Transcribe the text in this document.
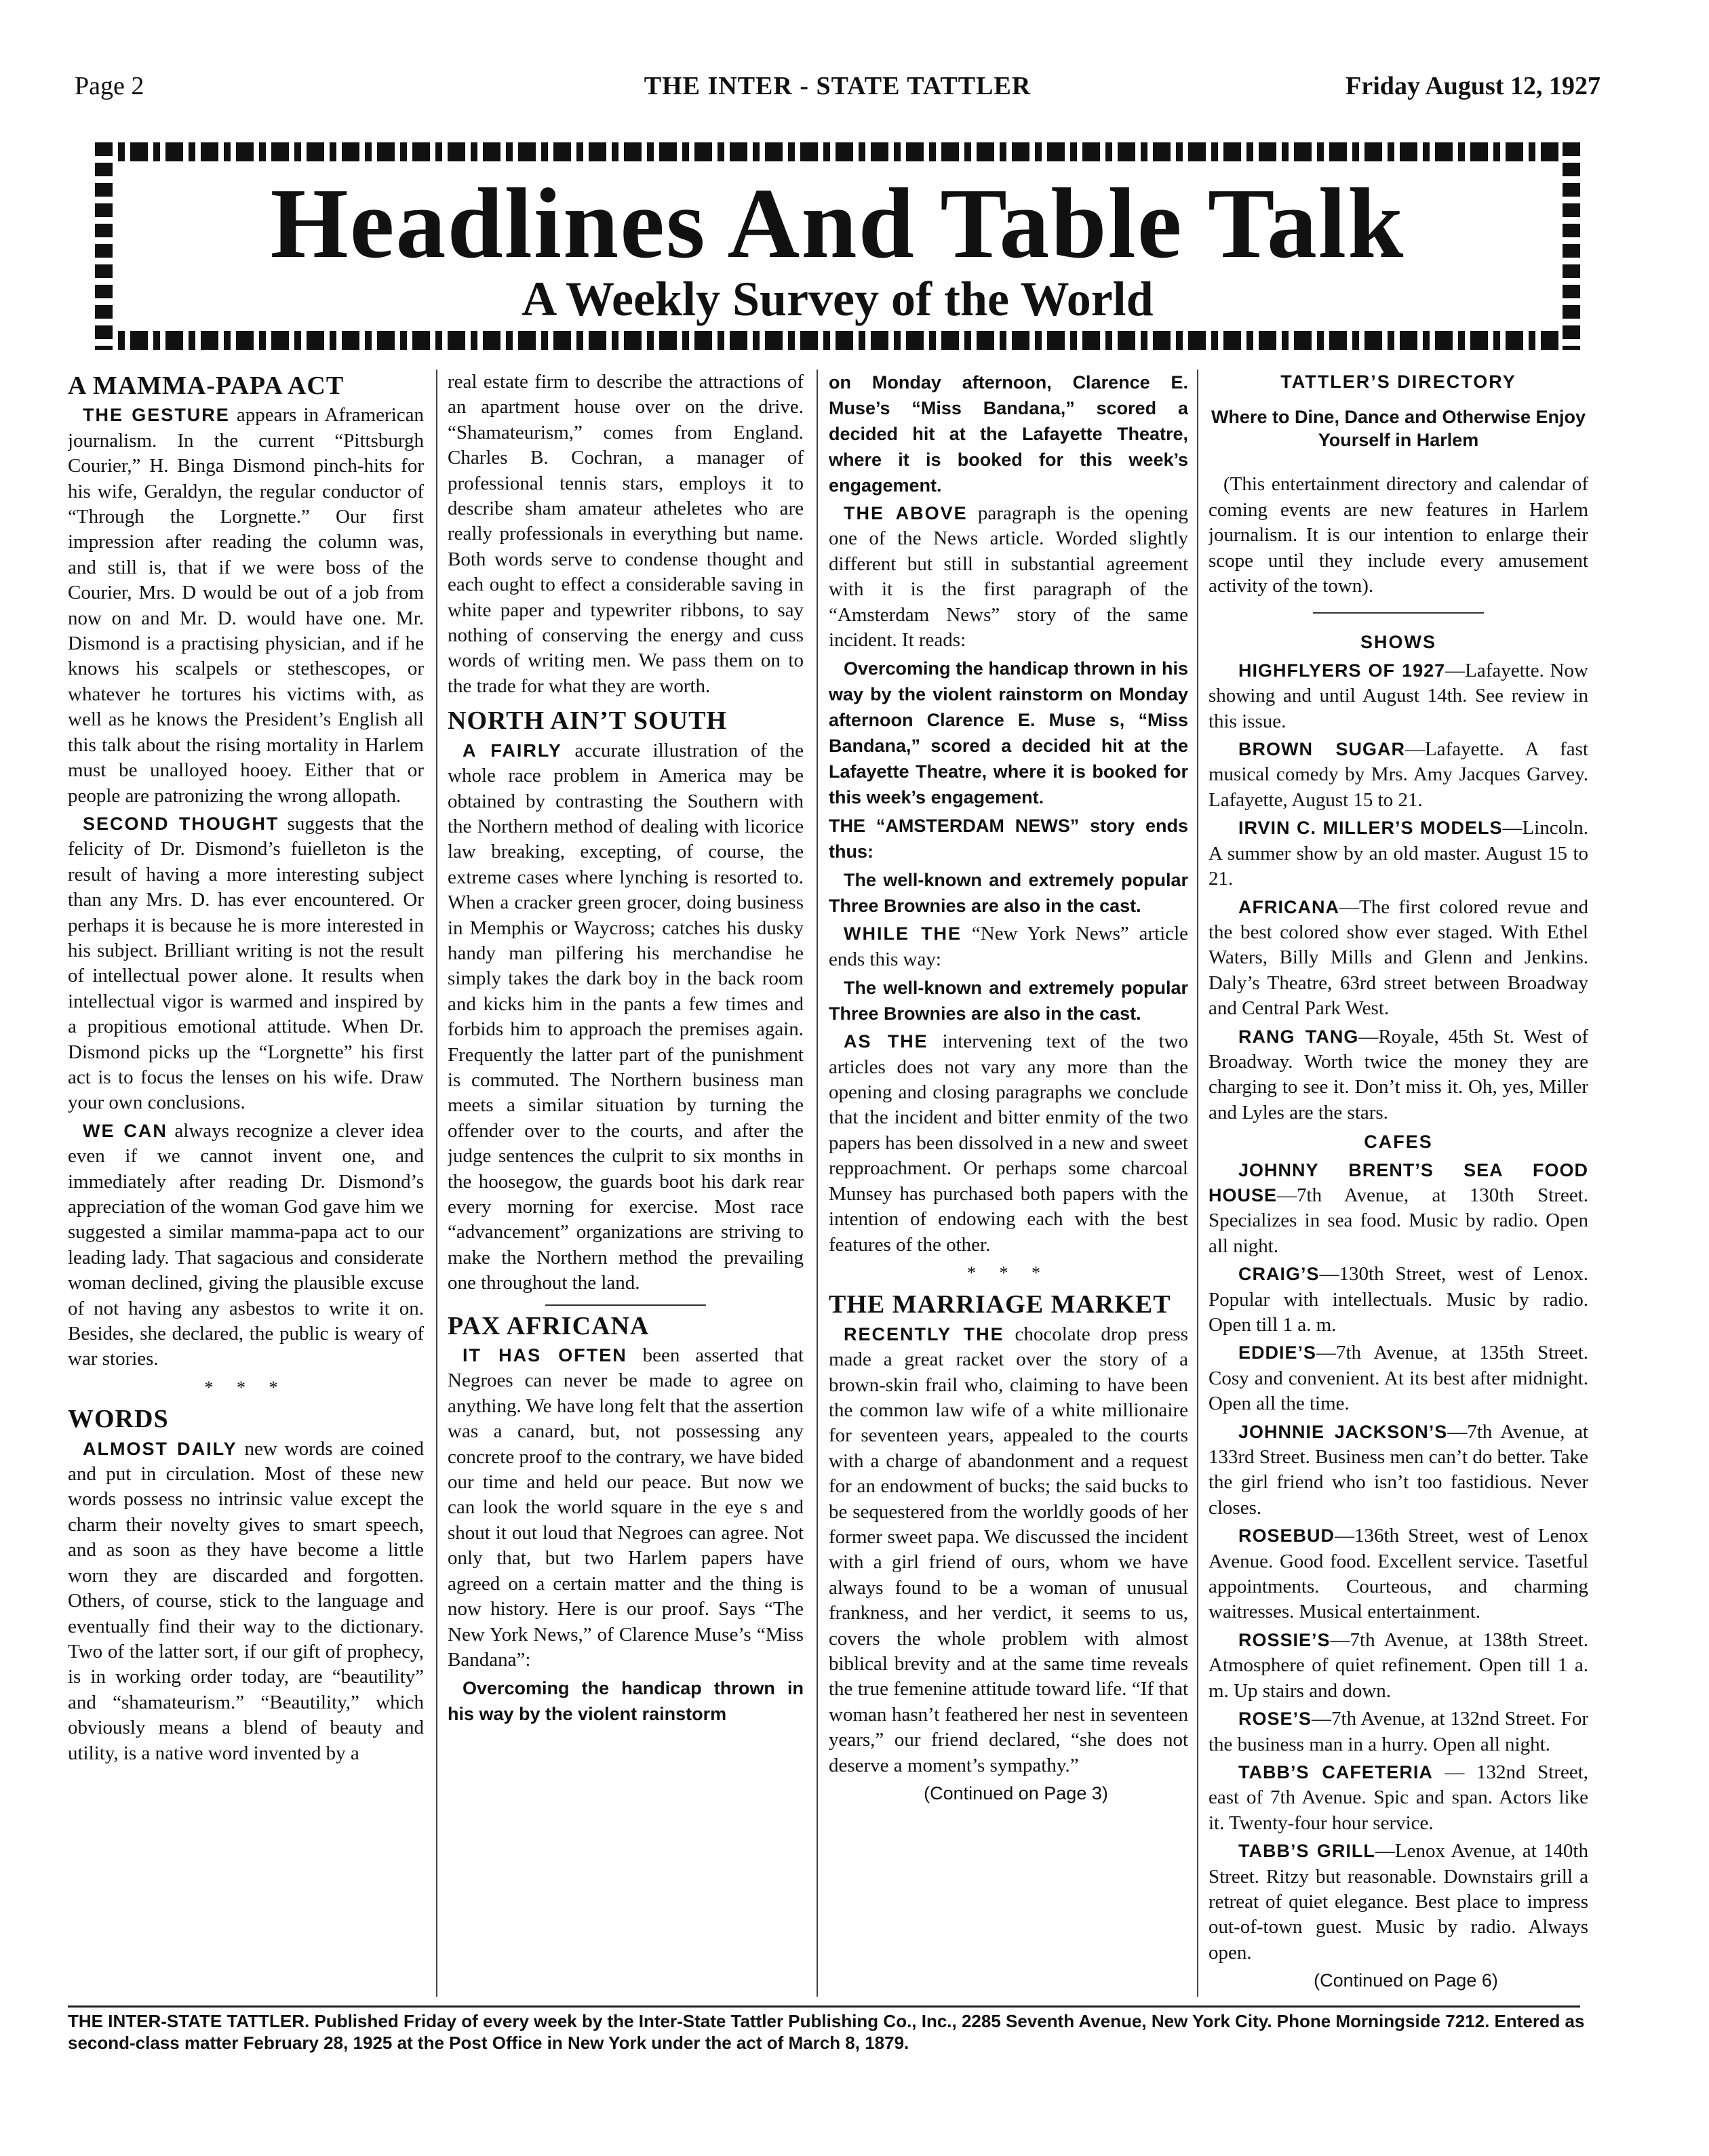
Page 2	THE INTER - STATE TATTLER	Friday August 12, 1927
Headlines And Table Talk
A Weekly Survey of the World
A MAMMA-PAPA ACT

THE GESTURE appears in Aframerican journalism. In the current “Pittsburgh Courier,” H. Binga Dismond pinch-hits for his wife, Geraldyn, the regular conductor of “Through the Lorgnette.” Our first impression after reading the column was, and still is, that if we were boss of the Courier, Mrs. D would be out of a job from now on and Mr. D. would have one. Mr. Dismond is a practising physician, and if he knows his scalpels or stethescopes, or whatever he tortures his victims with, as well as he knows the President’s English all this talk about the rising mortality in Harlem must be unalloyed hooey. Either that or people are patronizing the wrong allopath.

SECOND THOUGHT suggests that the felicity of Dr. Dismond’s fuielleton is the result of having a more interesting subject than any Mrs. D. has ever encountered. Or perhaps it is because he is more interested in his subject. Brilliant writing is not the result of intellectual power alone. It results when intellectual vigor is warmed and inspired by a propitious emotional attitude. When Dr. Dismond picks up the “Lorgnette” his first act is to focus the lenses on his wife. Draw your own conclusions.

WE CAN always recognize a clever idea even if we cannot invent one, and immediately after reading Dr. Dismond’s appreciation of the woman God gave him we suggested a similar mamma-papa act to our leading lady. That sagacious and considerate woman declined, giving the plausible excuse of not having any asbestos to write it on. Besides, she declared, the public is weary of war stories.

* * *
WORDS

ALMOST DAILY new words are coined and put in circulation. Most of these new words possess no intrinsic value except the charm their novelty gives to smart speech, and as soon as they have become a little worn they are discarded and forgotten. Others, of course, stick to the language and eventually find their way to the dictionary. Two of the latter sort, if our gift of prophecy, is in working order today, are “beautility” and “shamateurism.” “Beautility,” which obviously means a blend of beauty and utility, is a native word invented by a

real estate firm to describe the attractions of an apartment house over on the drive. “Shamateurism,” comes from England. Charles B. Cochran, a manager of professional tennis stars, employs it to describe sham amateur atheletes who are really professionals in everything but name. Both words serve to condense thought and each ought to effect a considerable saving in white paper and typewriter ribbons, to say nothing of conserving the energy and cuss words of writing men. We pass them on to the trade for what they are worth.

NORTH AIN’T SOUTH

A FAIRLY accurate illustration of the whole race problem in America may be obtained by contrasting the Southern with the Northern method of dealing with licorice law breaking, excepting, of course, the extreme cases where lynching is resorted to. When a cracker green grocer, doing business in Memphis or Waycross; catches his dusky handy man pilfering his merchandise he simply takes the dark boy in the back room and kicks him in the pants a few times and forbids him to approach the premises again. Frequently the latter part of the punishment is commuted. The Northern business man meets a similar situation by turning the offender over to the courts, and after the judge sentences the culprit to six months in the hoosegow, the guards boot his dark rear every morning for exercise. Most race “advancement” organizations are striving to make the Northern method the prevailing one throughout the land.

PAX AFRICANA

IT HAS OFTEN been asserted that Negroes can never be made to agree on anything. We have long felt that the assertion was a canard, but, not possessing any concrete proof to the contrary, we have bided our time and held our peace. But now we can look the world square in the eye s and shout it out loud that Negroes can agree. Not only that, but two Harlem papers have agreed on a certain matter and the thing is now history. Here is our proof. Says “The New York News,” of Clarence Muse’s “Miss Bandana”:

Overcoming the handicap thrown in his way by the violent rainstorm

on Monday afternoon, Clarence E. Muse’s “Miss Bandana,” scored a decided hit at the Lafayette Theatre, where it is booked for this week’s engagement.

THE ABOVE paragraph is the opening one of the News article. Worded slightly different but still in substantial agreement with it is the first paragraph of the “Amsterdam News” story of the same incident. It reads:

Overcoming the handicap thrown in his way by the violent rainstorm on Monday afternoon Clarence E. Muse s, “Miss Bandana,” scored a decided hit at the Lafayette Theatre, where it is booked for this week’s engagement.

THE “AMSTERDAM NEWS” story ends thus:

The well-known and extremely popular Three Brownies are also in the cast.

WHILE THE “New York News” article ends this way:

The well-known and extremely popular Three Brownies are also in the cast.

AS THE intervening text of the two articles does not vary any more than the opening and closing paragraphs we conclude that the incident and bitter enmity of the two papers has been dissolved in a new and sweet repproachment. Or perhaps some charcoal Munsey has purchased both papers with the intention of endowing each with the best features of the other.

* * *
THE MARRIAGE MARKET

RECENTLY THE chocolate drop press made a great racket over the story of a brown-skin frail who, claiming to have been the common law wife of a white millionaire for seventeen years, appealed to the courts with a charge of abandonment and a request for an endowment of bucks; the said bucks to be sequestered from the worldly goods of her former sweet papa. We discussed the incident with a girl friend of ours, whom we have always found to be a woman of unusual frankness, and her verdict, it seems to us, covers the whole problem with almost biblical brevity and at the same time reveals the true femenine attitude toward life. “If that woman hasn’t feathered her nest in seventeen years,” our friend declared, “she does not deserve a moment’s sympathy.”

(Continued on Page 3)

TATTLER’S DIRECTORY
Where to Dine, Dance and Otherwise Enjoy Yourself in Harlem

(This entertainment directory and calendar of coming events are new features in Harlem journalism. It is our intention to enlarge their scope until they include every amusement activity of the town).

SHOWS

HIGHFLYERS OF 1927—Lafayette. Now showing and until August 14th. See review in this issue.

BROWN SUGAR—Lafayette. A fast musical comedy by Mrs. Amy Jacques Garvey. Lafayette, August 15 to 21.

IRVIN C. MILLER’S MODELS—Lincoln. A summer show by an old master. August 15 to 21.

AFRICANA—The first colored revue and the best colored show ever staged. With Ethel Waters, Billy Mills and Glenn and Jenkins. Daly’s Theatre, 63rd street between Broadway and Central Park West.

RANG TANG—Royale, 45th St. West of Broadway. Worth twice the money they are charging to see it. Don’t miss it. Oh, yes, Miller and Lyles are the stars.

CAFES

JOHNNY BRENT’S SEA FOOD HOUSE—7th Avenue, at 130th Street. Specializes in sea food. Music by radio. Open all night.

CRAIG’S—130th Street, west of Lenox. Popular with intellectuals. Music by radio. Open till 1 a. m.

EDDIE’S—7th Avenue, at 135th Street. Cosy and convenient. At its best after midnight. Open all the time.

JOHNNIE JACKSON’S—7th Avenue, at 133rd Street. Business men can’t do better. Take the girl friend who isn’t too fastidious. Never closes.

ROSEBUD—136th Street, west of Lenox Avenue. Good food. Excellent service. Tasetful appointments. Courteous, and charming waitresses. Musical entertainment.

ROSSIE’S—7th Avenue, at 138th Street. Atmosphere of quiet refinement. Open till 1 a. m. Up stairs and down.

ROSE’S—7th Avenue, at 132nd Street. For the business man in a hurry. Open all night.

TABB’S CAFETERIA — 132nd Street, east of 7th Avenue. Spic and span. Actors like it. Twenty-four hour service.

TABB’S GRILL—Lenox Avenue, at 140th Street. Ritzy but reasonable. Downstairs grill a retreat of quiet elegance. Best place to impress out-of-town guest. Music by radio. Always open.

(Continued on Page 6)

THE INTER-STATE TATTLER. Published Friday of every week by the Inter-State Tattler Publishing Co., Inc., 2285 Seventh Avenue, New York City. Phone Morningside 7212. Entered as second-class matter February 28, 1925 at the Post Office in New York under the act of March 8, 1879.
